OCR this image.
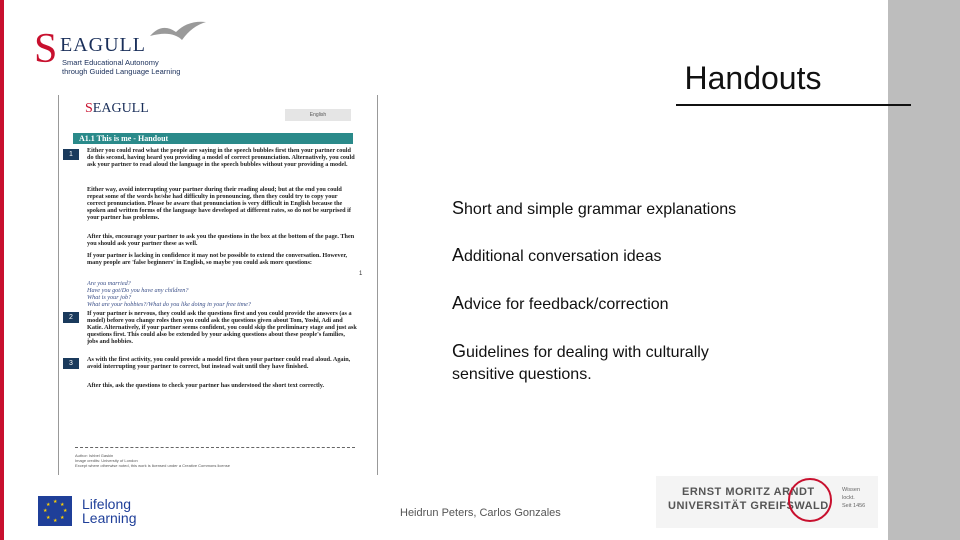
S EAGULL
Smart Educational Autonomy
through Guided Language Learning	Handouts
SEAGULL	English
A1.1 This is me - Handout
1
Either you could read what the people are saying in the speech bubbles first then your partner could do this second, having heard you providing a model of correct pronunciation. Alternatively, you could ask your partner to read aloud the language in the speech bubbles without your providing a model.
Either way, avoid interrupting your partner during their reading aloud; but at the end you could repeat some of the words he/she had difficulty in pronouncing, then they could try to copy your correct pronunciation. Please be aware that pronunciation is very difficult in English because the spoken and written forms of the language have developed at different rates, so do not be surprised if your partner has problems.
After this, encourage your partner to ask you the questions in the box at the bottom of the page. Then you should ask your partner these as well.
If your partner is lacking in confidence it may not be possible to extend the conversation. However, many people are 'false beginners' in English, so maybe you could ask more questions:
1
Are you married?
Have you got/Do you have any children?
What is your job?
What are your hobbies?/What do you like doing in your free time?
2
If your partner is nervous, they could ask the questions first and you could provide the answers (as a model) before you change roles then you could ask the questions given about Tom, Yoshi, Adi and Katie. Alternatively, if your partner seems confident, you could skip the preliminary stage and just ask questions first. This could also be extended by your asking questions about these people's families, jobs and hobbies.
3
As with the first activity, you could provide a model first then your partner could read aloud. Again, avoid interrupting your partner to correct, but instead wait until they have finished.
After this, ask the questions to check your partner has understood the short text correctly.
Author: Ishbel Gaskin
Image credits: University of London
Except where otherwise noted, this work is licensed under a Creative Commons license
Short and simple grammar explanations
Additional conversation ideas
Advice for feedback/correction
Guidelines for dealing with culturally sensitive questions.
★ ★
★
★
★
★
★
★ Lifelong
Learning	Heidrun Peters, Carlos Gonzales
ERNST MORITZ ARNDT
UNIVERSITÄT GREIFSWALD
Wissen
lockt.
Seit 1456
